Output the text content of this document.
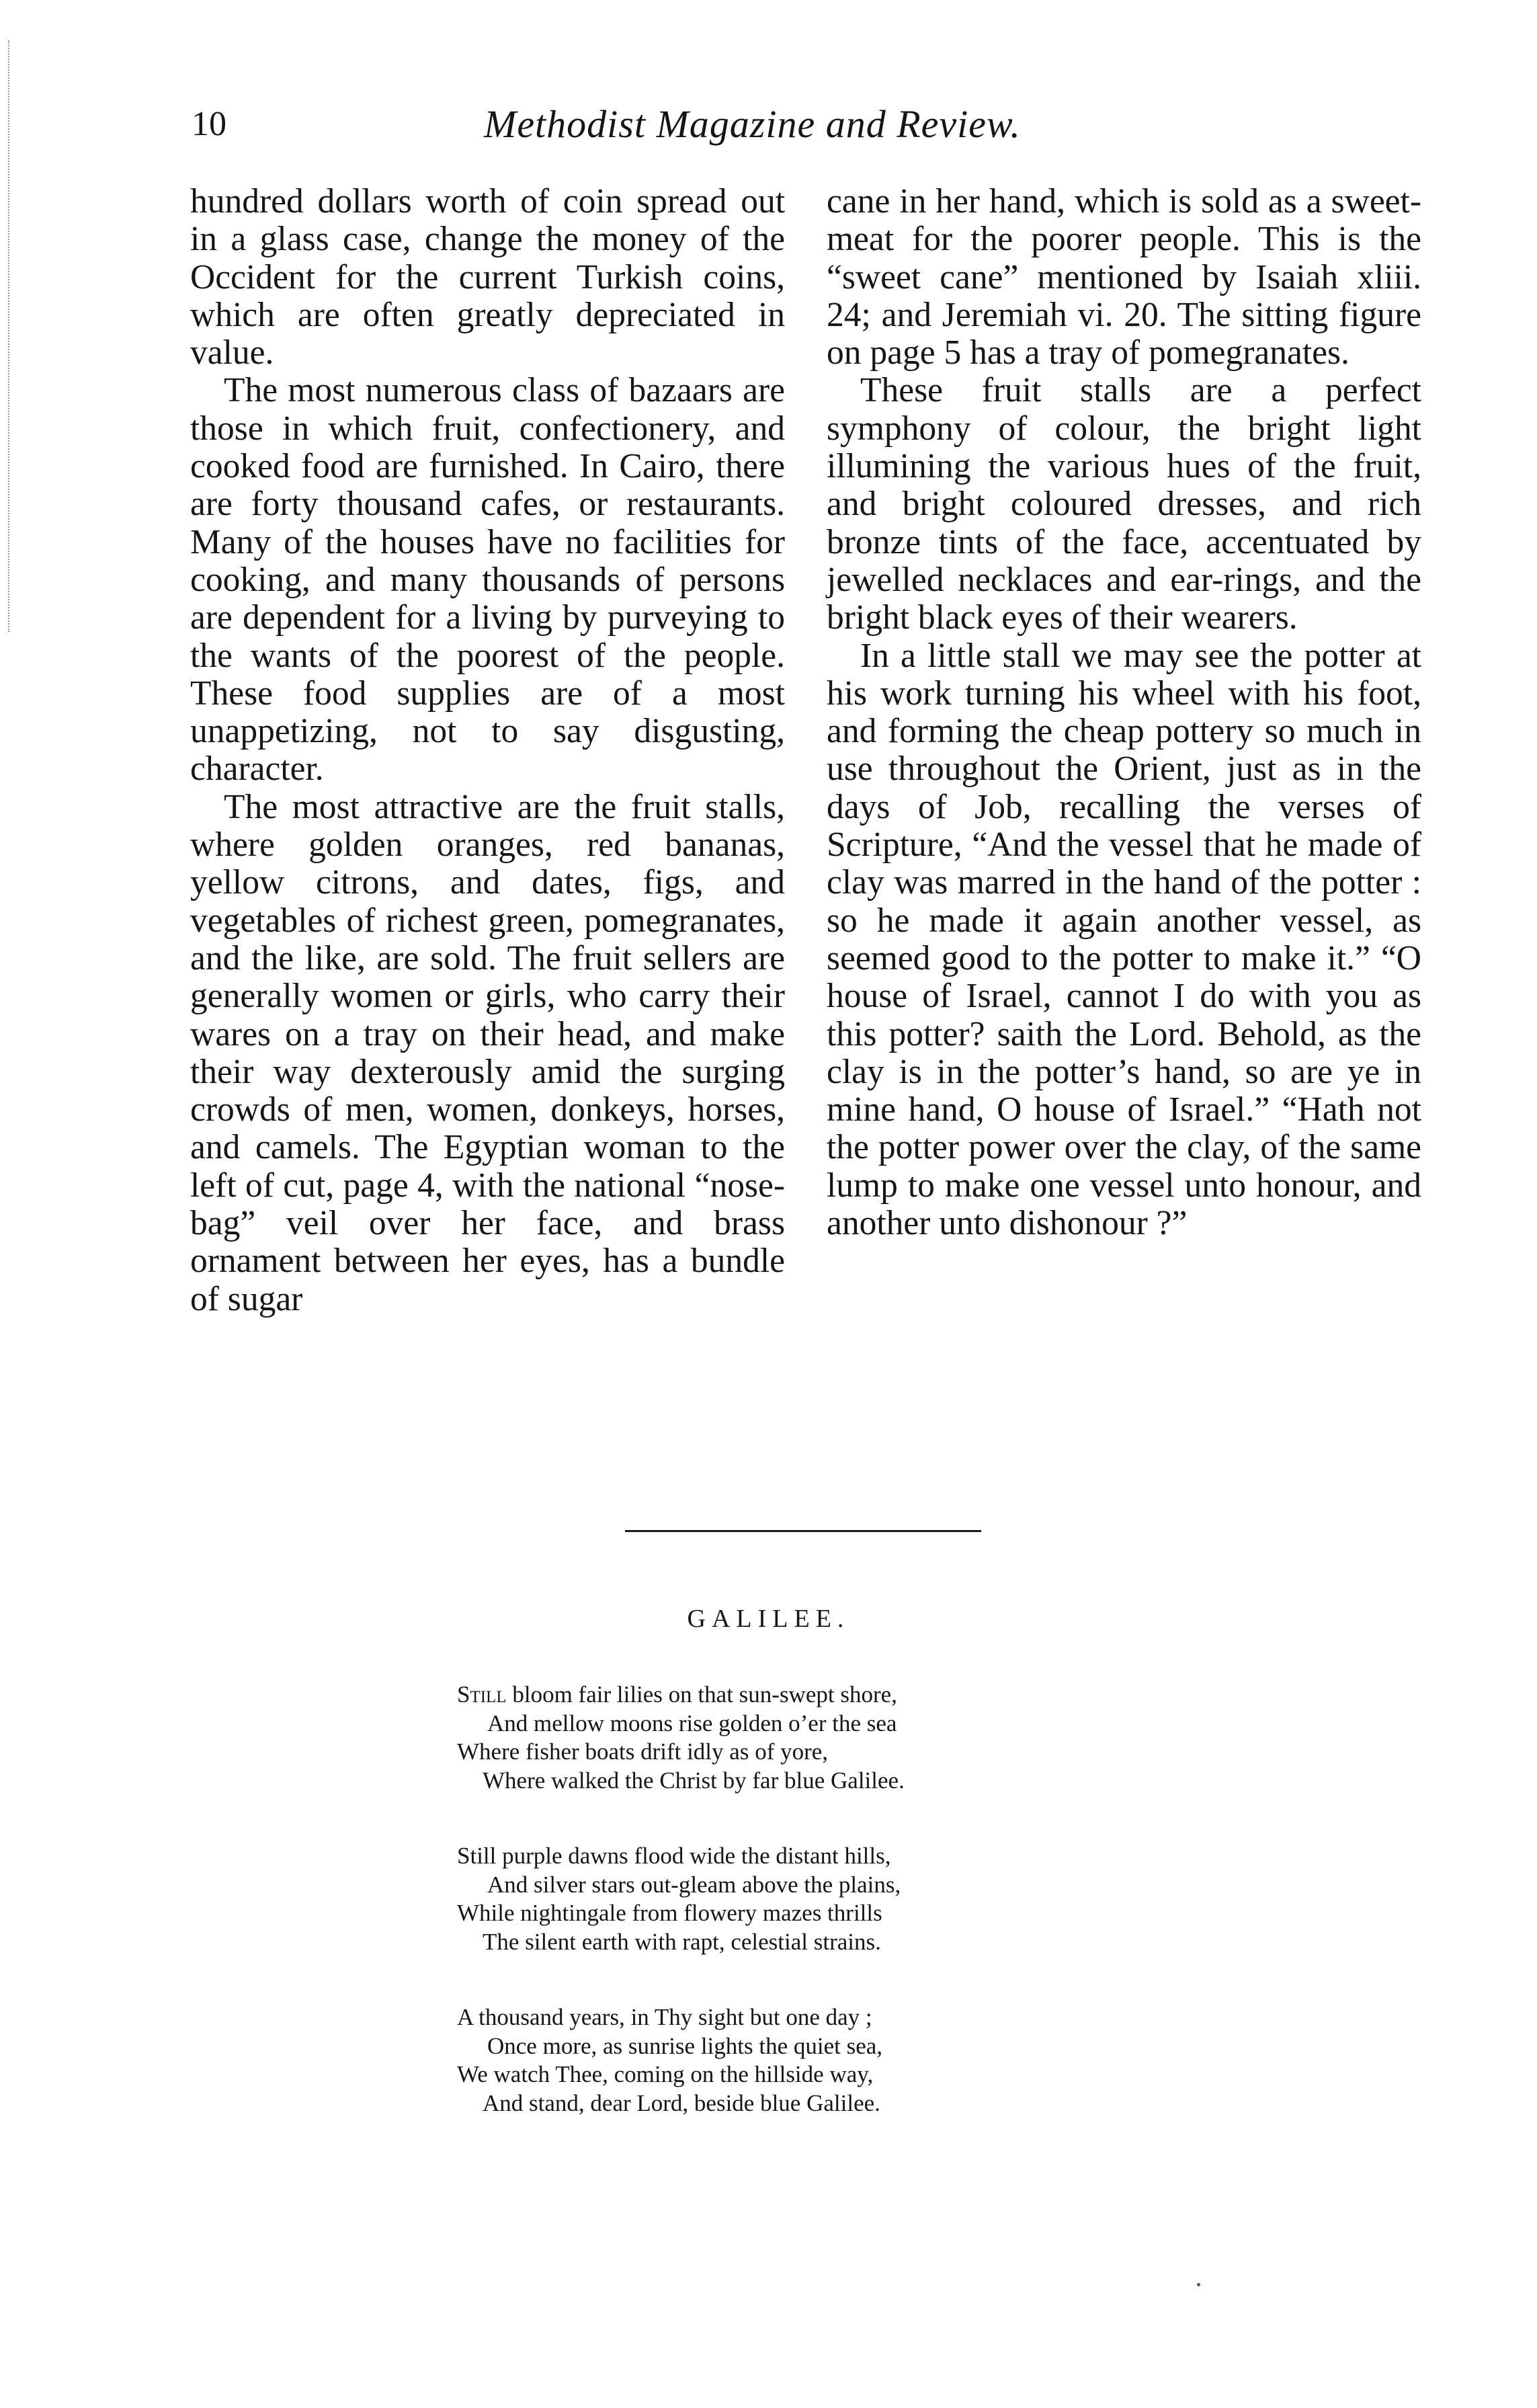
10	Methodist Magazine and Review.

hundred dollars worth of coin spread out in a glass case, change the money of the Occident for the current Turkish coins, which are often greatly depreciated in value.

The most numerous class of bazaars are those in which fruit, confectionery, and cooked food are furnished. In Cairo, there are forty thousand cafes, or restaurants. Many of the houses have no facilities for cooking, and many thousands of persons are dependent for a living by purveying to the wants of the poorest of the people. These food supplies are of a most unappetizing, not to say disgusting, character.

The most attractive are the fruit stalls, where golden oranges, red bananas, yellow citrons, and dates, figs, and vegetables of richest green, pomegranates, and the like, are sold. The fruit sellers are generally women or girls, who carry their wares on a tray on their head, and make their way dexterously amid the surging crowds of men, women, donkeys, horses, and camels. The Egyptian woman to the left of cut, page 4, with the national “nose-bag” veil over her face, and brass ornament between her eyes, has a bundle of sugar

cane in her hand, which is sold as a sweet-meat for the poorer people. This is the “sweet cane” mentioned by Isaiah xliii. 24; and Jeremiah vi. 20. The sitting figure on page 5 has a tray of pomegranates.

These fruit stalls are a perfect symphony of colour, the bright light illumining the various hues of the fruit, and bright coloured dresses, and rich bronze tints of the face, accentuated by jewelled necklaces and ear-rings, and the bright black eyes of their wearers.

In a little stall we may see the potter at his work turning his wheel with his foot, and forming the cheap pottery so much in use throughout the Orient, just as in the days of Job, recalling the verses of Scripture, “And the vessel that he made of clay was marred in the hand of the potter : so he made it again another vessel, as seemed good to the potter to make it.” “O house of Israel, cannot I do with you as this potter? saith the Lord. Behold, as the clay is in the potter’s hand, so are ye in mine hand, O house of Israel.” “Hath not the potter power over the clay, of the same lump to make one vessel unto honour, and another unto dishonour ?”

GALILEE.
Still bloom fair lilies on that sun-swept shore,
And mellow moons rise golden o’er the sea
Where fisher boats drift idly as of yore,
Where walked the Christ by far blue Galilee.
Still purple dawns flood wide the distant hills,
And silver stars out-gleam above the plains,
While nightingale from flowery mazes thrills
The silent earth with rapt, celestial strains.
A thousand years, in Thy sight but one day ;
Once more, as sunrise lights the quiet sea,
We watch Thee, coming on the hillside way,
And stand, dear Lord, beside blue Galilee.
